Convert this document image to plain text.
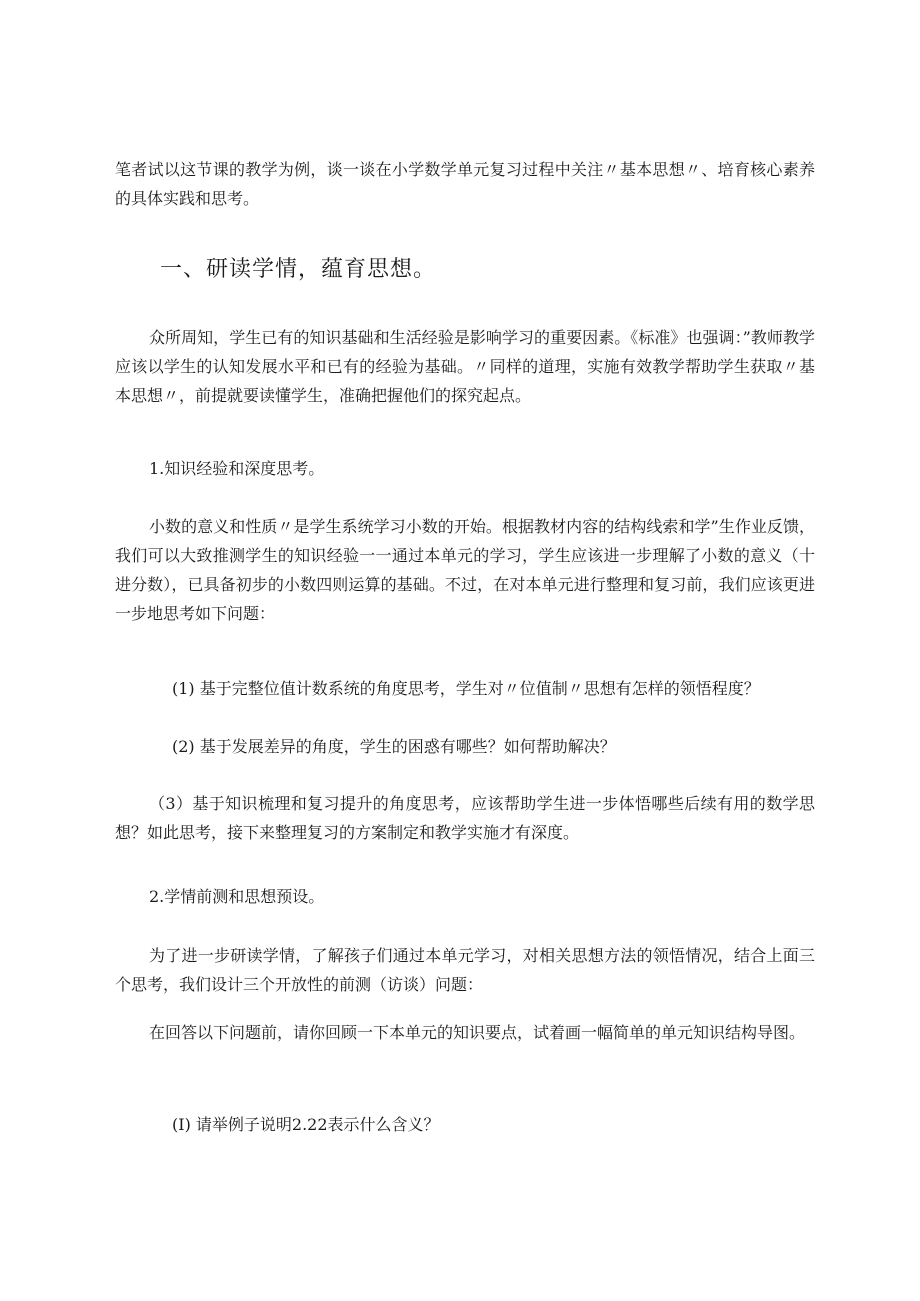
笔者试以这节课的教学为例，谈一谈在小学数学单元复习过程中关注〃基本思想〃、培育核心素养的具体实践和思考。

一、研读学情，蕴育思想。

众所周知，学生已有的知识基础和生活经验是影响学习的重要因素。《标准》也强调：”教师教学应该以学生的认知发展水平和已有的经验为基础。〃同样的道理，实施有效教学帮助学生获取〃基本思想〃，前提就要读懂学生，准确把握他们的探究起点。

1.知识经验和深度思考。

小数的意义和性质〃是学生系统学习小数的开始。根据教材内容的结构线索和学”生作业反馈，我们可以大致推测学生的知识经验一一通过本单元的学习，学生应该进一步理解了小数的意义（十进分数），已具备初步的小数四则运算的基础。不过，在对本单元进行整理和复习前，我们应该更进一步地思考如下问题：

(1) 基于完整位值计数系统的角度思考，学生对〃位值制〃思想有怎样的领悟程度？

(2) 基于发展差异的角度，学生的困惑有哪些？如何帮助解决？

（3）基于知识梳理和复习提升的角度思考，应该帮助学生进一步体悟哪些后续有用的数学思想？如此思考，接下来整理复习的方案制定和教学实施才有深度。

2.学情前测和思想预设。

为了进一步研读学情，了解孩子们通过本单元学习，对相关思想方法的领悟情况，结合上面三个思考，我们设计三个开放性的前测（访谈）问题：

在回答以下问题前，请你回顾一下本单元的知识要点，试着画一幅简单的单元知识结构导图。

(I) 请举例子说明2.22表示什么含义？
